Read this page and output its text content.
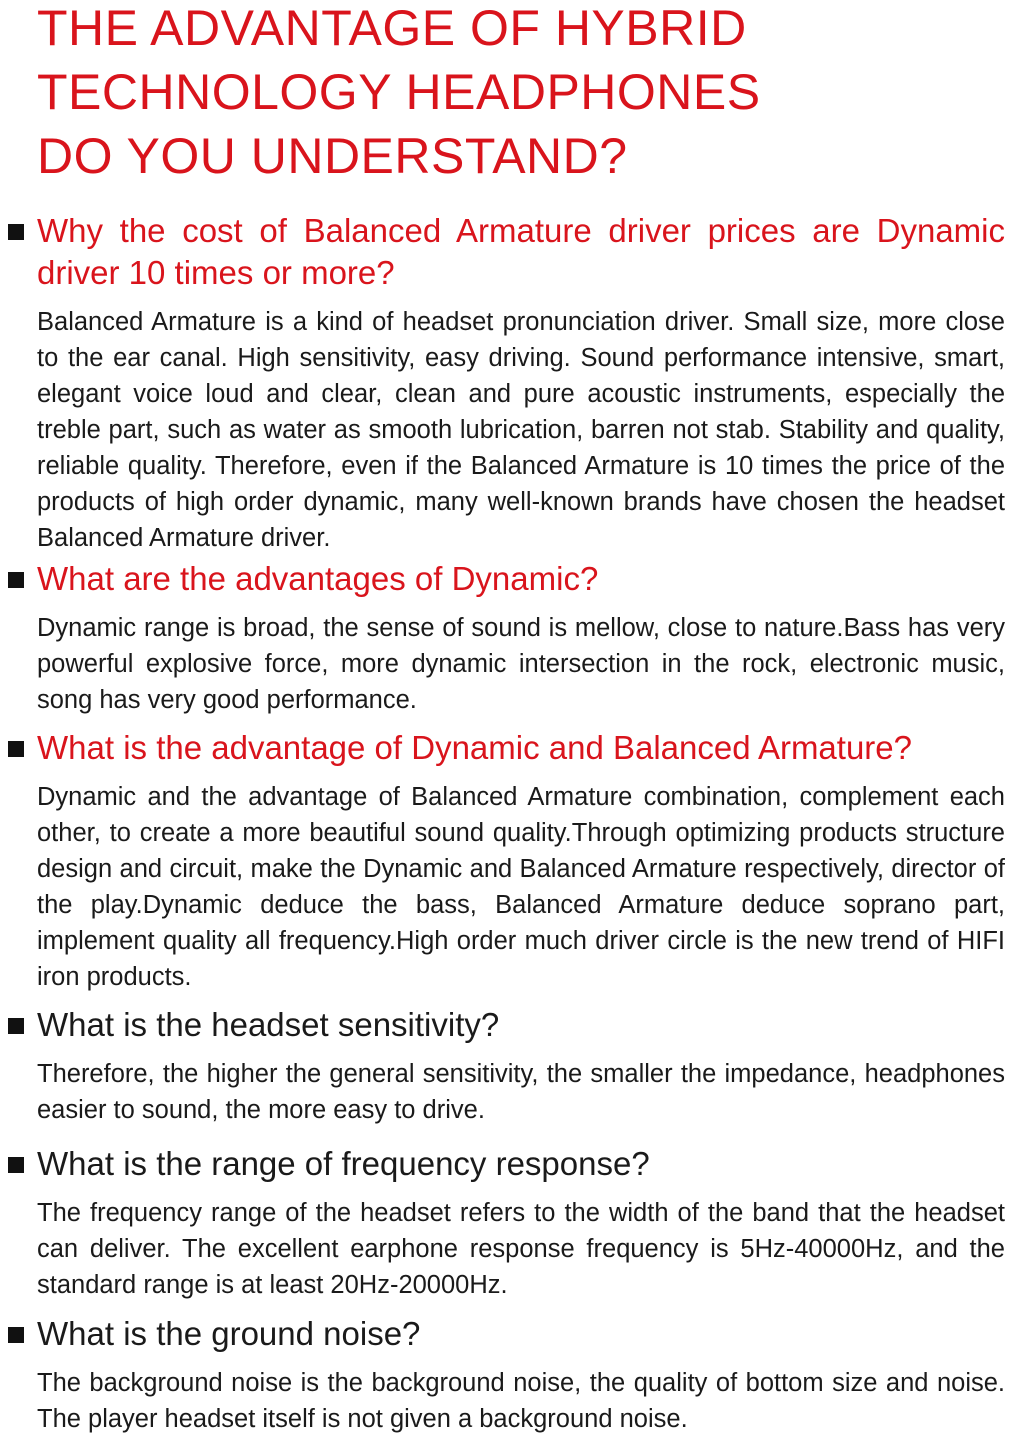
THE ADVANTAGE OF HYBRID
TECHNOLOGY HEADPHONES
DO YOU UNDERSTAND?
Why the cost of Balanced Armature driver prices are Dynamic driver 10 times or more?

Balanced Armature is a kind of headset pronunciation driver. Small size, more close to the ear canal. High sensitivity, easy driving. Sound performance intensive, smart, elegant voice loud and clear, clean and pure acoustic instruments, especially the treble part, such as water as smooth lubrication, barren not stab. Stability and quality, reliable quality. Therefore, even if the Balanced Armature is 10 times the price of the products of high order dynamic, many well-known brands have chosen the headset Balanced Armature driver.

What are the advantages of Dynamic?

Dynamic range is broad, the sense of sound is mellow, close to nature.Bass has very powerful explosive force, more dynamic intersection in the rock, electronic music, song has very good performance.

What is the advantage of Dynamic and Balanced Armature?

Dynamic and the advantage of Balanced Armature combination, complement each other, to create a more beautiful sound quality.Through optimizing products structure design and circuit, make the Dynamic and Balanced Armature respectively, director of the play.Dynamic deduce the bass, Balanced Armature deduce soprano part, implement quality all frequency.High order much driver circle is the new trend of HIFI iron products.

What is the headset sensitivity?

Therefore, the higher the general sensitivity, the smaller the impedance, headphones easier to sound, the more easy to drive.

What is the range of frequency response?

The frequency range of the headset refers to the width of the band that the headset can deliver. The excellent earphone response frequency is 5Hz-40000Hz, and the standard range is at least 20Hz-20000Hz.

What is the ground noise?

The background noise is the background noise, the quality of bottom size and noise. The player headset itself is not given a background noise.
